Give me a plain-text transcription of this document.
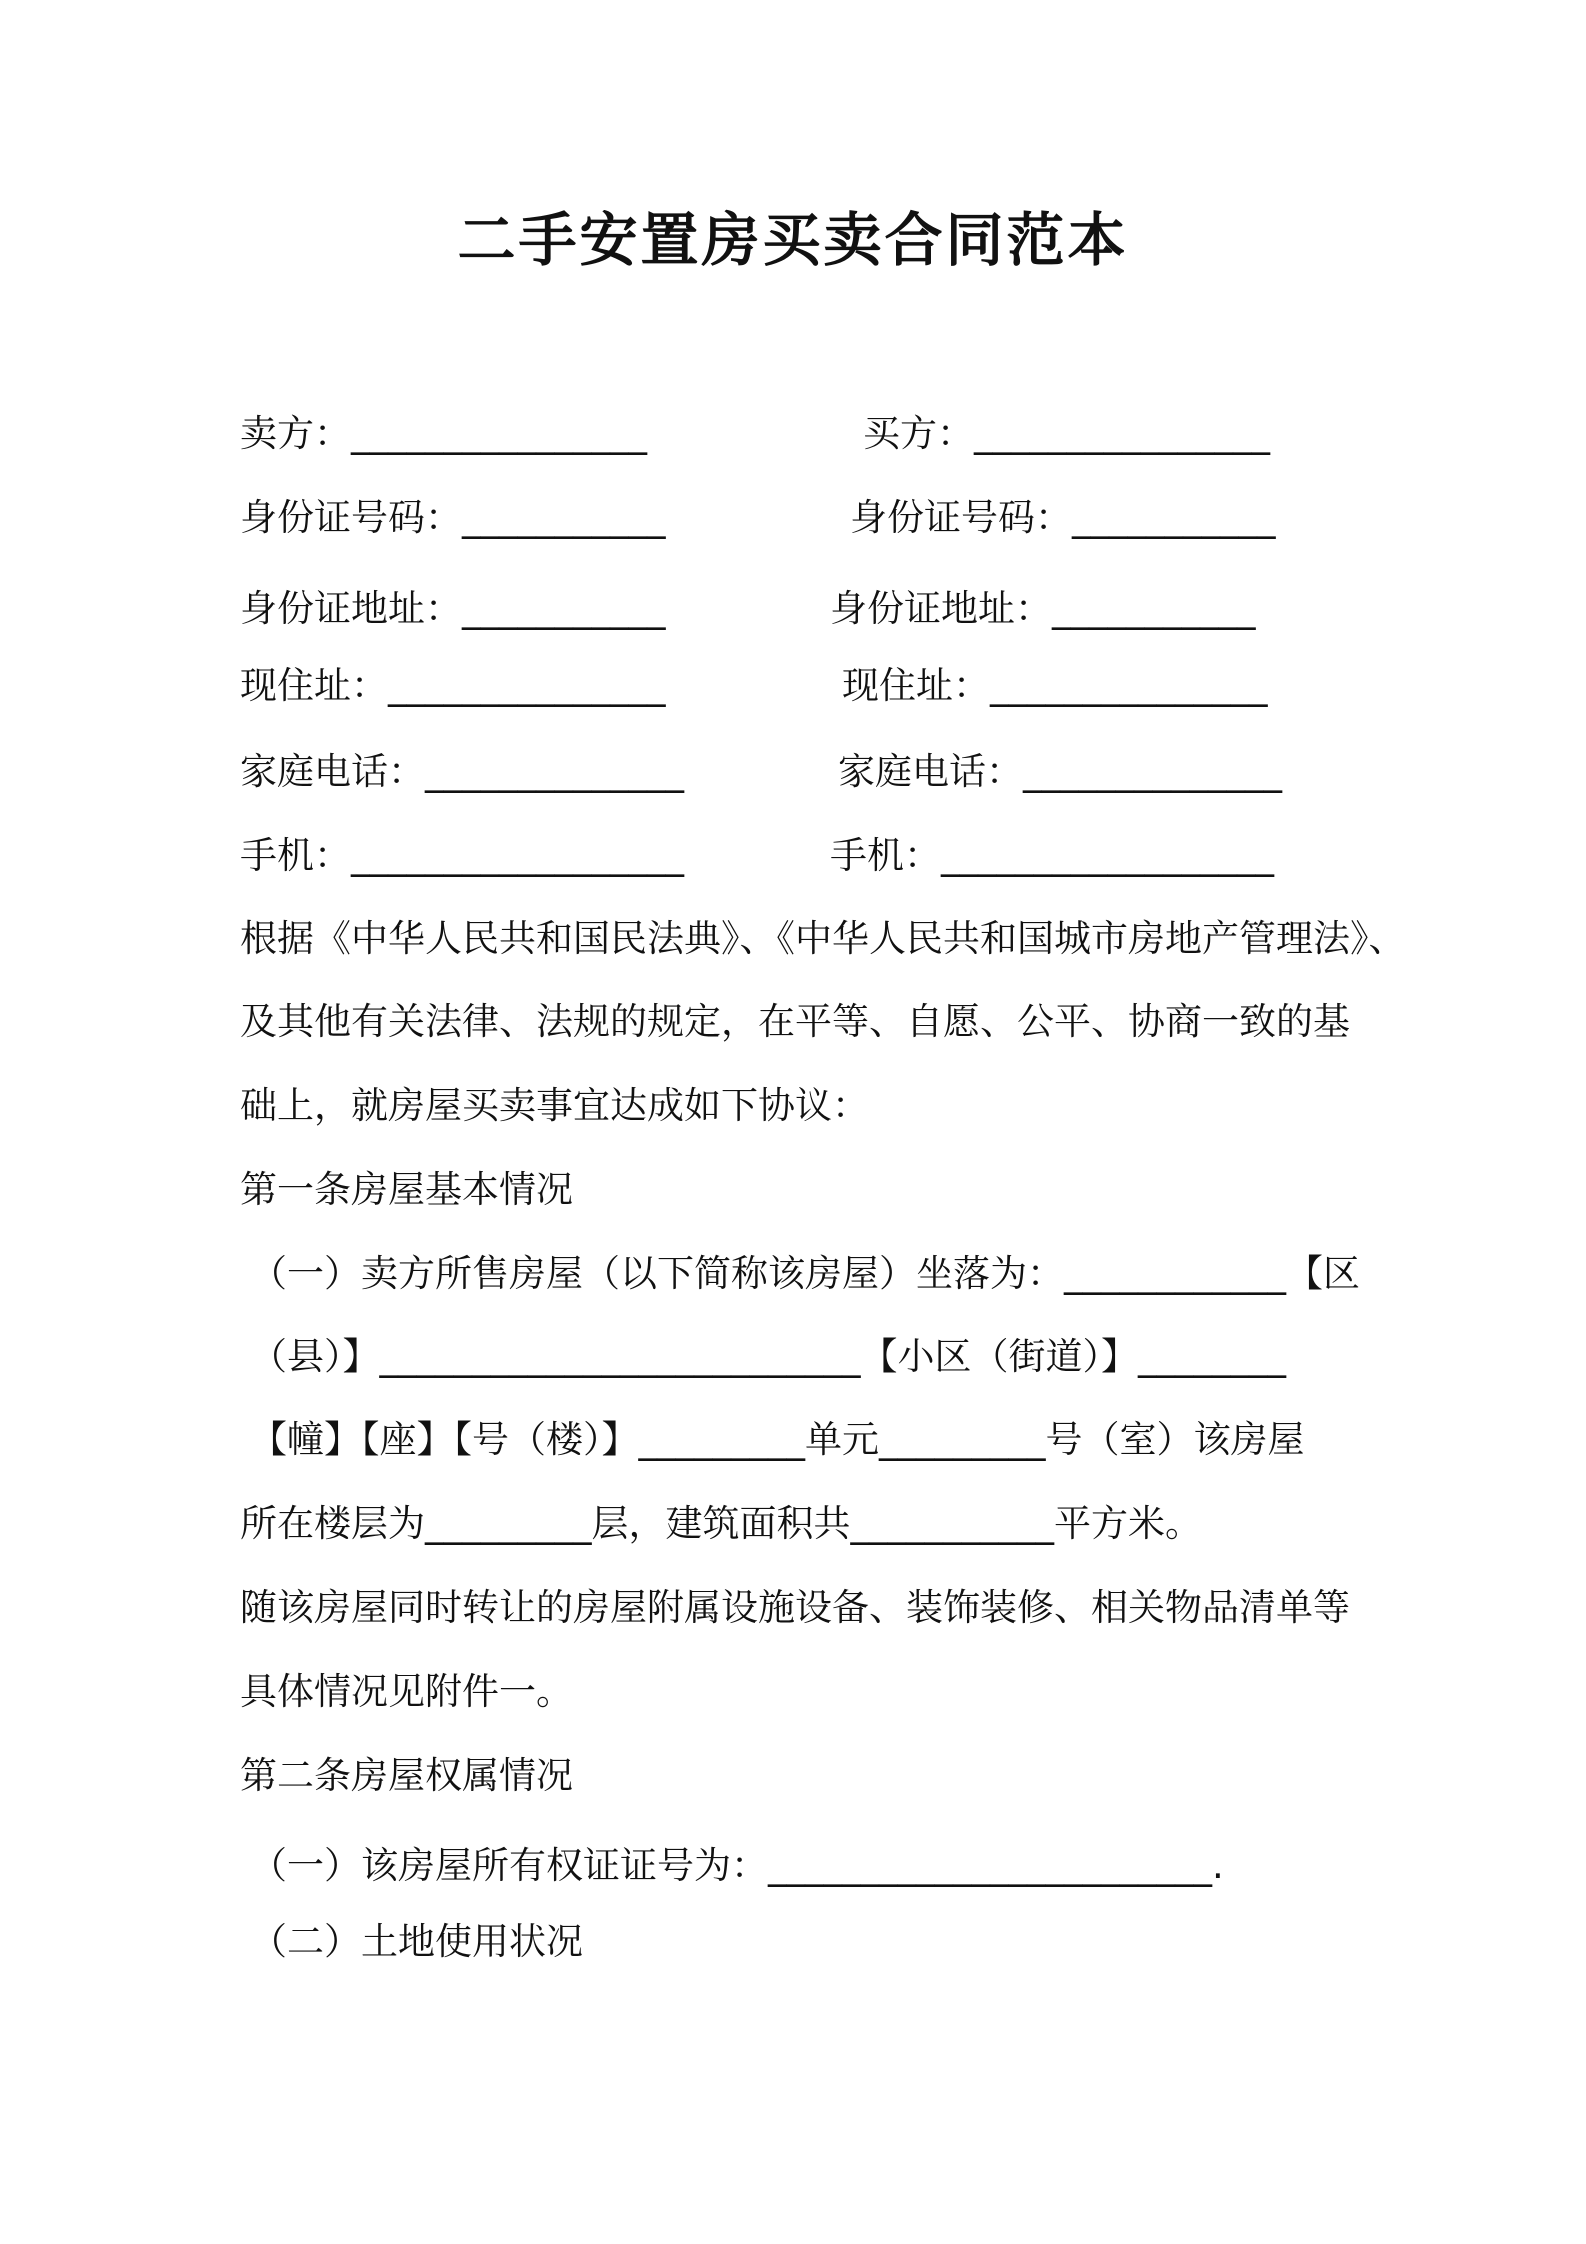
二手安置房买卖合同范本
卖方：________________	买方：________________
身份证号码：___________	身份证号码：___________
身份证地址：___________	身份证地址：___________
现住址：_______________	现住址：_______________
家庭电话：______________	家庭电话：______________
手机：__________________	手机：__________________
根据《中华人民共和国民法典》、《中华人民共和国城市房地产管理法》、
及其他有关法律、法规的规定，在平等、自愿、公平、协商一致的基
础上，就房屋买卖事宜达成如下协议：
第一条房屋基本情况
（一）卖方所售房屋（以下简称该房屋）坐落为：____________【区
（县）】__________________________【小区（街道）】________
【幢】【座】【号（楼）】_________单元_________号（室）该房屋
所在楼层为_________层，建筑面积共___________平方米。
随该房屋同时转让的房屋附属设施设备、装饰装修、相关物品清单等
具体情况见附件一。
第二条房屋权属情况
（一）该房屋所有权证证号为：________________________.
（二）土地使用状况
